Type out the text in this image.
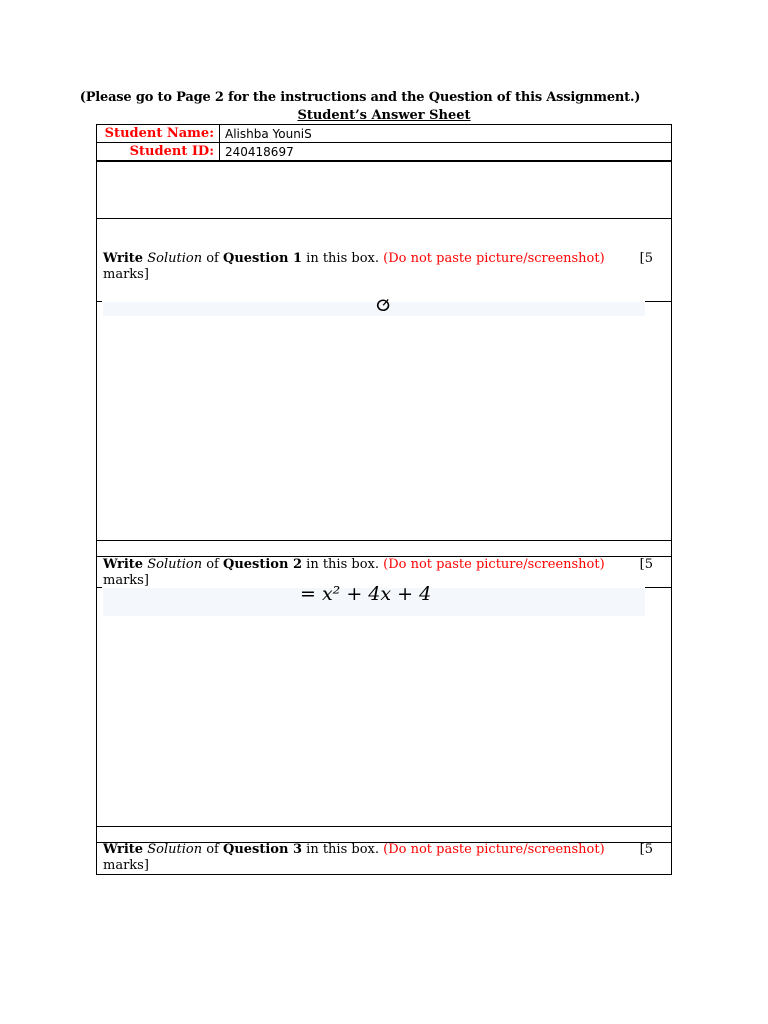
(Please go to Page 2 for the instructions and the Question of this Assignment.)
Student’s Answer Sheet
Student Name:	Alishba YouniS
Student ID:	240418697
Write Solution of Question 1 in this box. (Do not paste picture/screenshot)	[5

marks]
ⵚ
Write Solution of Question 2 in this box. (Do not paste picture/screenshot)	[5

marks]
= x² + 4x + 4
Write Solution of Question 3 in this box. (Do not paste picture/screenshot)	[5

marks]
